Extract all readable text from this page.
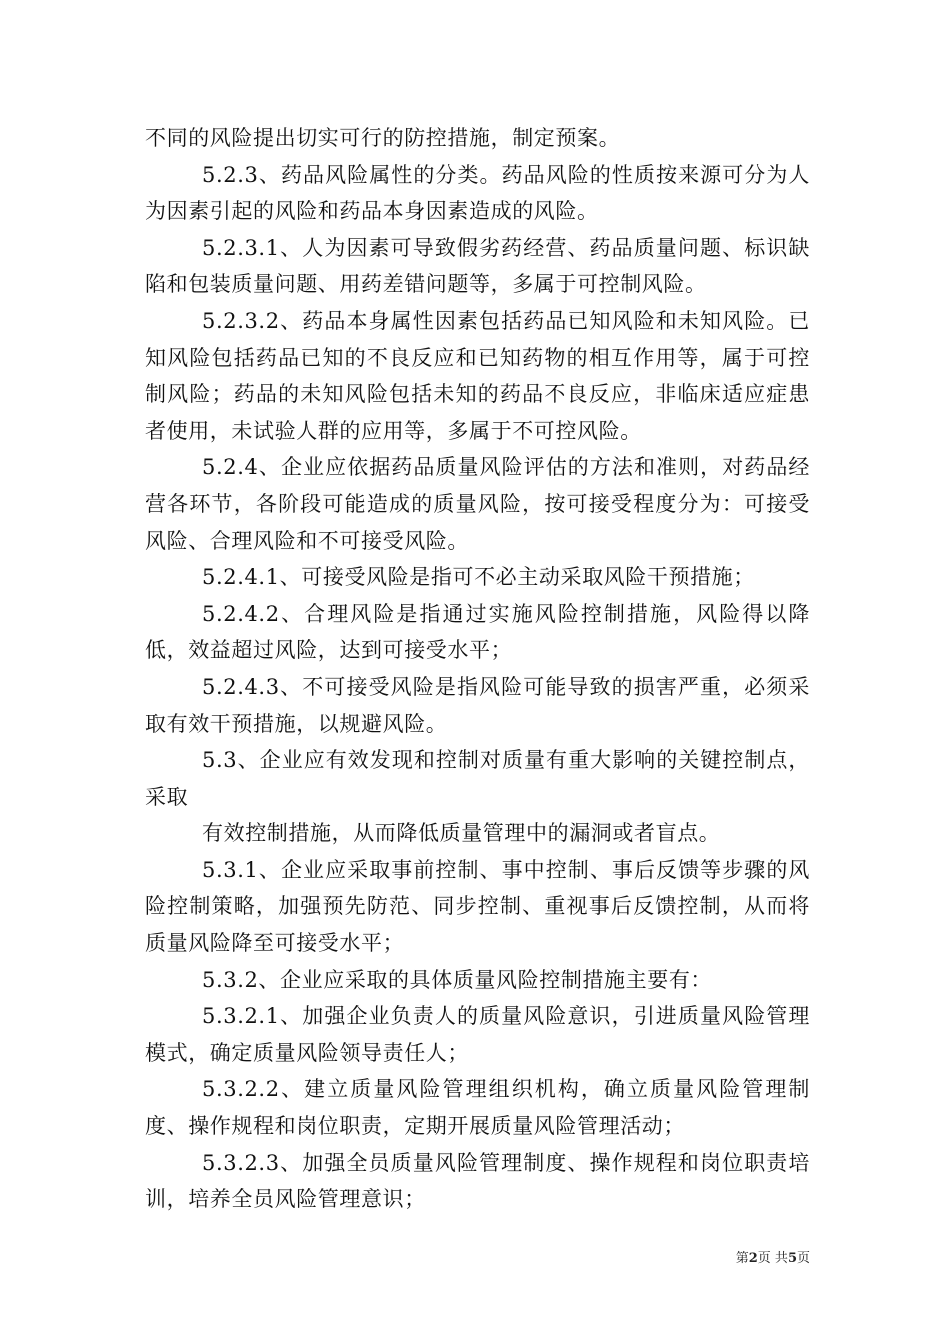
不同的风险提出切实可行的防控措施，制定预案。

5.2.3、药品风险属性的分类。药品风险的性质按来源可分为人为因素引起的风险和药品本身因素造成的风险。

5.2.3.1、人为因素可导致假劣药经营、药品质量问题、标识缺陷和包装质量问题、用药差错问题等，多属于可控制风险。

5.2.3.2、药品本身属性因素包括药品已知风险和未知风险。已知风险包括药品已知的不良反应和已知药物的相互作用等，属于可控制风险；药品的未知风险包括未知的药品不良反应，非临床适应症患者使用，未试验人群的应用等，多属于不可控风险。

5.2.4、企业应依据药品质量风险评估的方法和准则，对药品经营各环节，各阶段可能造成的质量风险，按可接受程度分为：可接受风险、合理风险和不可接受风险。

5.2.4.1、可接受风险是指可不必主动采取风险干预措施；

5.2.4.2、合理风险是指通过实施风险控制措施，风险得以降低，效益超过风险，达到可接受水平；

5.2.4.3、不可接受风险是指风险可能导致的损害严重，必须采取有效干预措施，以规避风险。

5.3、企业应有效发现和控制对质量有重大影响的关键控制点，采取

有效控制措施，从而降低质量管理中的漏洞或者盲点。

5.3.1、企业应采取事前控制、事中控制、事后反馈等步骤的风险控制策略，加强预先防范、同步控制、重视事后反馈控制，从而将质量风险降至可接受水平；

5.3.2、企业应采取的具体质量风险控制措施主要有：

5.3.2.1、加强企业负责人的质量风险意识，引进质量风险管理模式，确定质量风险领导责任人；

5.3.2.2、建立质量风险管理组织机构，确立质量风险管理制度、操作规程和岗位职责，定期开展质量风险管理活动；

5.3.2.3、加强全员质量风险管理制度、操作规程和岗位职责培训，培养全员风险管理意识；

第2页 共5页
